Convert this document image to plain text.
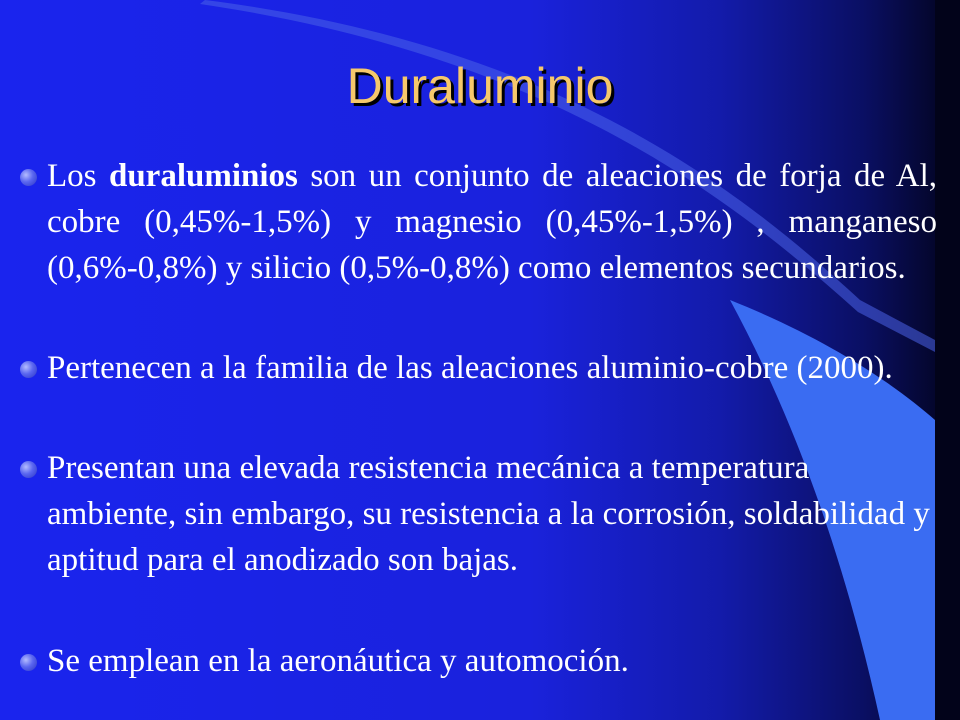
Duraluminio
Los duraluminios son un conjunto de aleaciones de forja de Al, cobre (0,45%-1,5%) y magnesio (0,45%-1,5%) , manganeso (0,6%-0,8%) y silicio (0,5%-0,8%) como elementos secundarios.
Pertenecen a la familia de las aleaciones aluminio-cobre (2000).
Presentan una elevada resistencia mecánica a temperatura ambiente, sin embargo, su resistencia a la corrosión, soldabilidad y aptitud para el anodizado son bajas.
Se emplean en la aeronáutica y automoción.
